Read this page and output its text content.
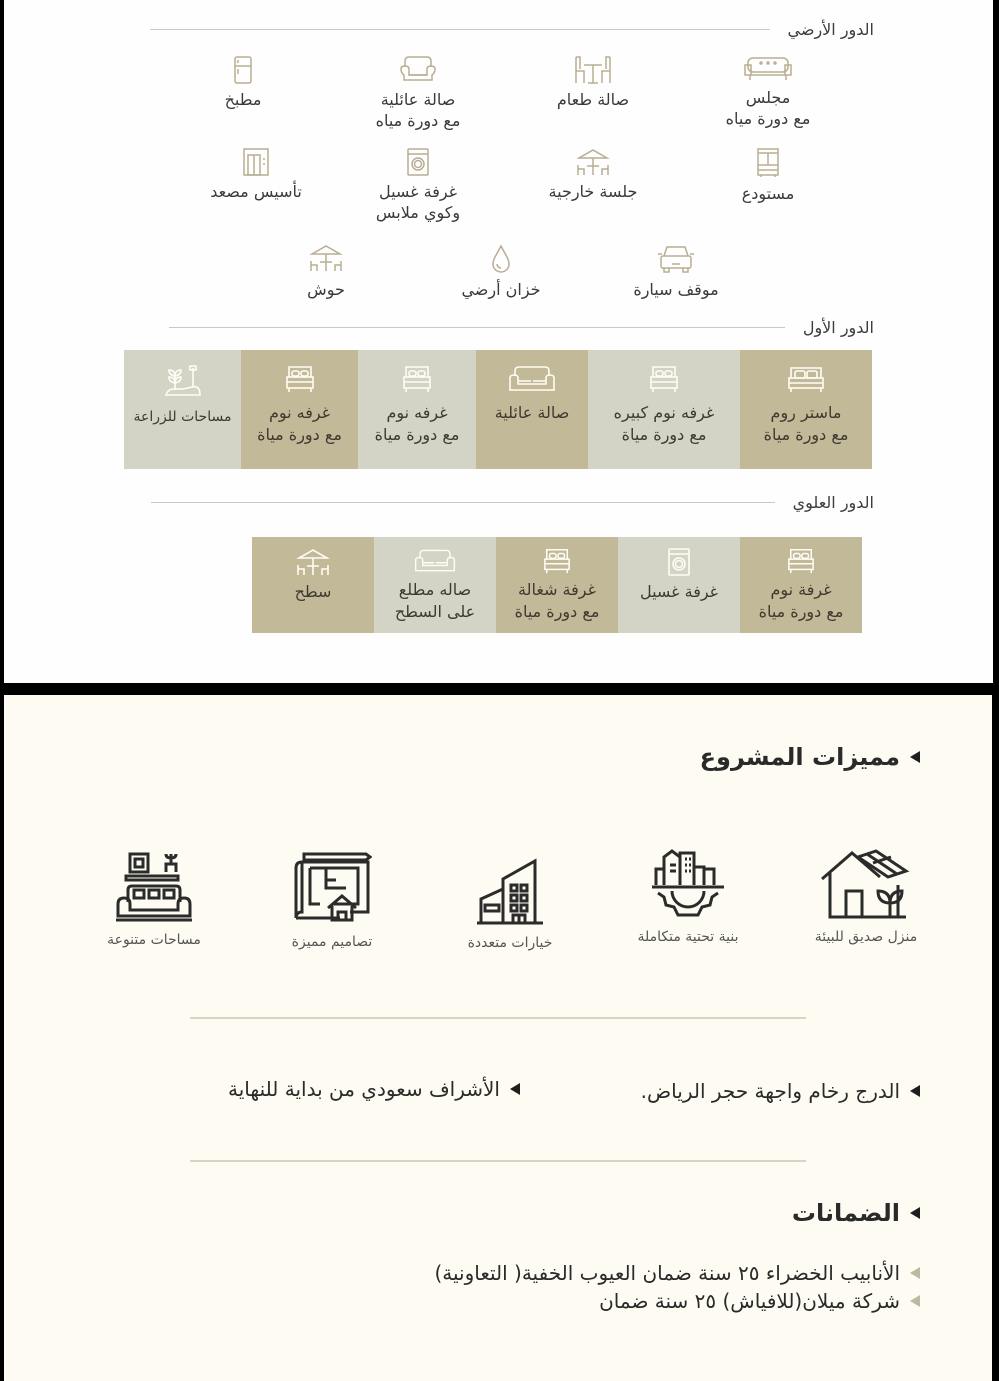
الدور الأرضي
مجلس
مع دورة مياه
صالة طعام
صالة عائلية
مع دورة مياه
مطبخ
مستودع
جلسة خارجية
غرفة غسيل
وكوي ملابس
تأسيس مصعد
موقف سيارة
خزان أرضي
حوش
الدور الأول
ماستر روم
مع دورة مياة
غرفه نوم كبيره
مع دورة مياة
صالة عائلية
غرفه نوم
مع دورة مياة
غرفه نوم
مع دورة مياة
مساحات للزراعة
الدور العلوي
غرفة نوم
مع دورة مياة
غرفة غسيل
غرفة شغالة
مع دورة مياة
صاله مطلع
على السطح
سطح
مميزات المشروع
منزل صديق للبيئة
بنية تحتية متكاملة
خيارات متعددة
تصاميم مميزة
مساحات متنوعة
الدرج رخام واجهة حجر الرياض.
الأشراف سعودي من بداية للنهاية
الضمانات
الأنابيب الخضراء ٢٥ سنة ضمان العيوب الخفية( التعاونية)
شركة ميلان(للافياش) ٢٥ سنة ضمان
